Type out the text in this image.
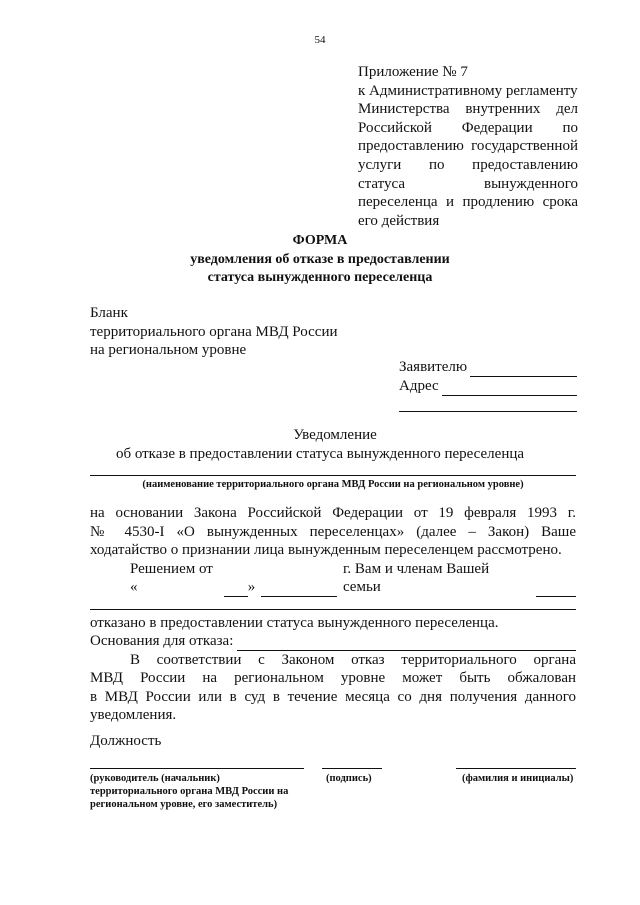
54
Приложение № 7
к Административному регламенту
Министерства внутренних дел
Российской Федерации по
предоставлению государственной
услуги по предоставлению
статуса вынужденного
переселенца и продлению срока
его действия
ФОРМА
уведомления об отказе в предоставлении
статуса вынужденного переселенца
Бланк
территориального органа МВД России
на региональном уровне
Заявителю
Адрес
Уведомление
об отказе в предоставлении статуса вынужденного переселенца
(наименование территориального органа МВД России на региональном уровне)

на основании Закона Российской Федерации от 19 февраля 1993 г.

№ 4530-I «О вынужденных переселенцах» (далее – Закон) Ваше

ходатайство о признании лица вынужденным переселенцем рассмотрено.

Решением от «	»
г. Вам и членам Вашей семьи

отказано в предоставлении статуса вынужденного переселенца.

Основания для отказа:

В соответствии с Законом отказ территориального органа

МВД России на региональном уровне может быть обжалован

в МВД России или в суд в течение месяца со дня получения данного

уведомления.

Должность
(руководитель (начальник) территориального органа МВД России на региональном уровне, его заместитель)
(подпись)	(фамилия и инициалы)
